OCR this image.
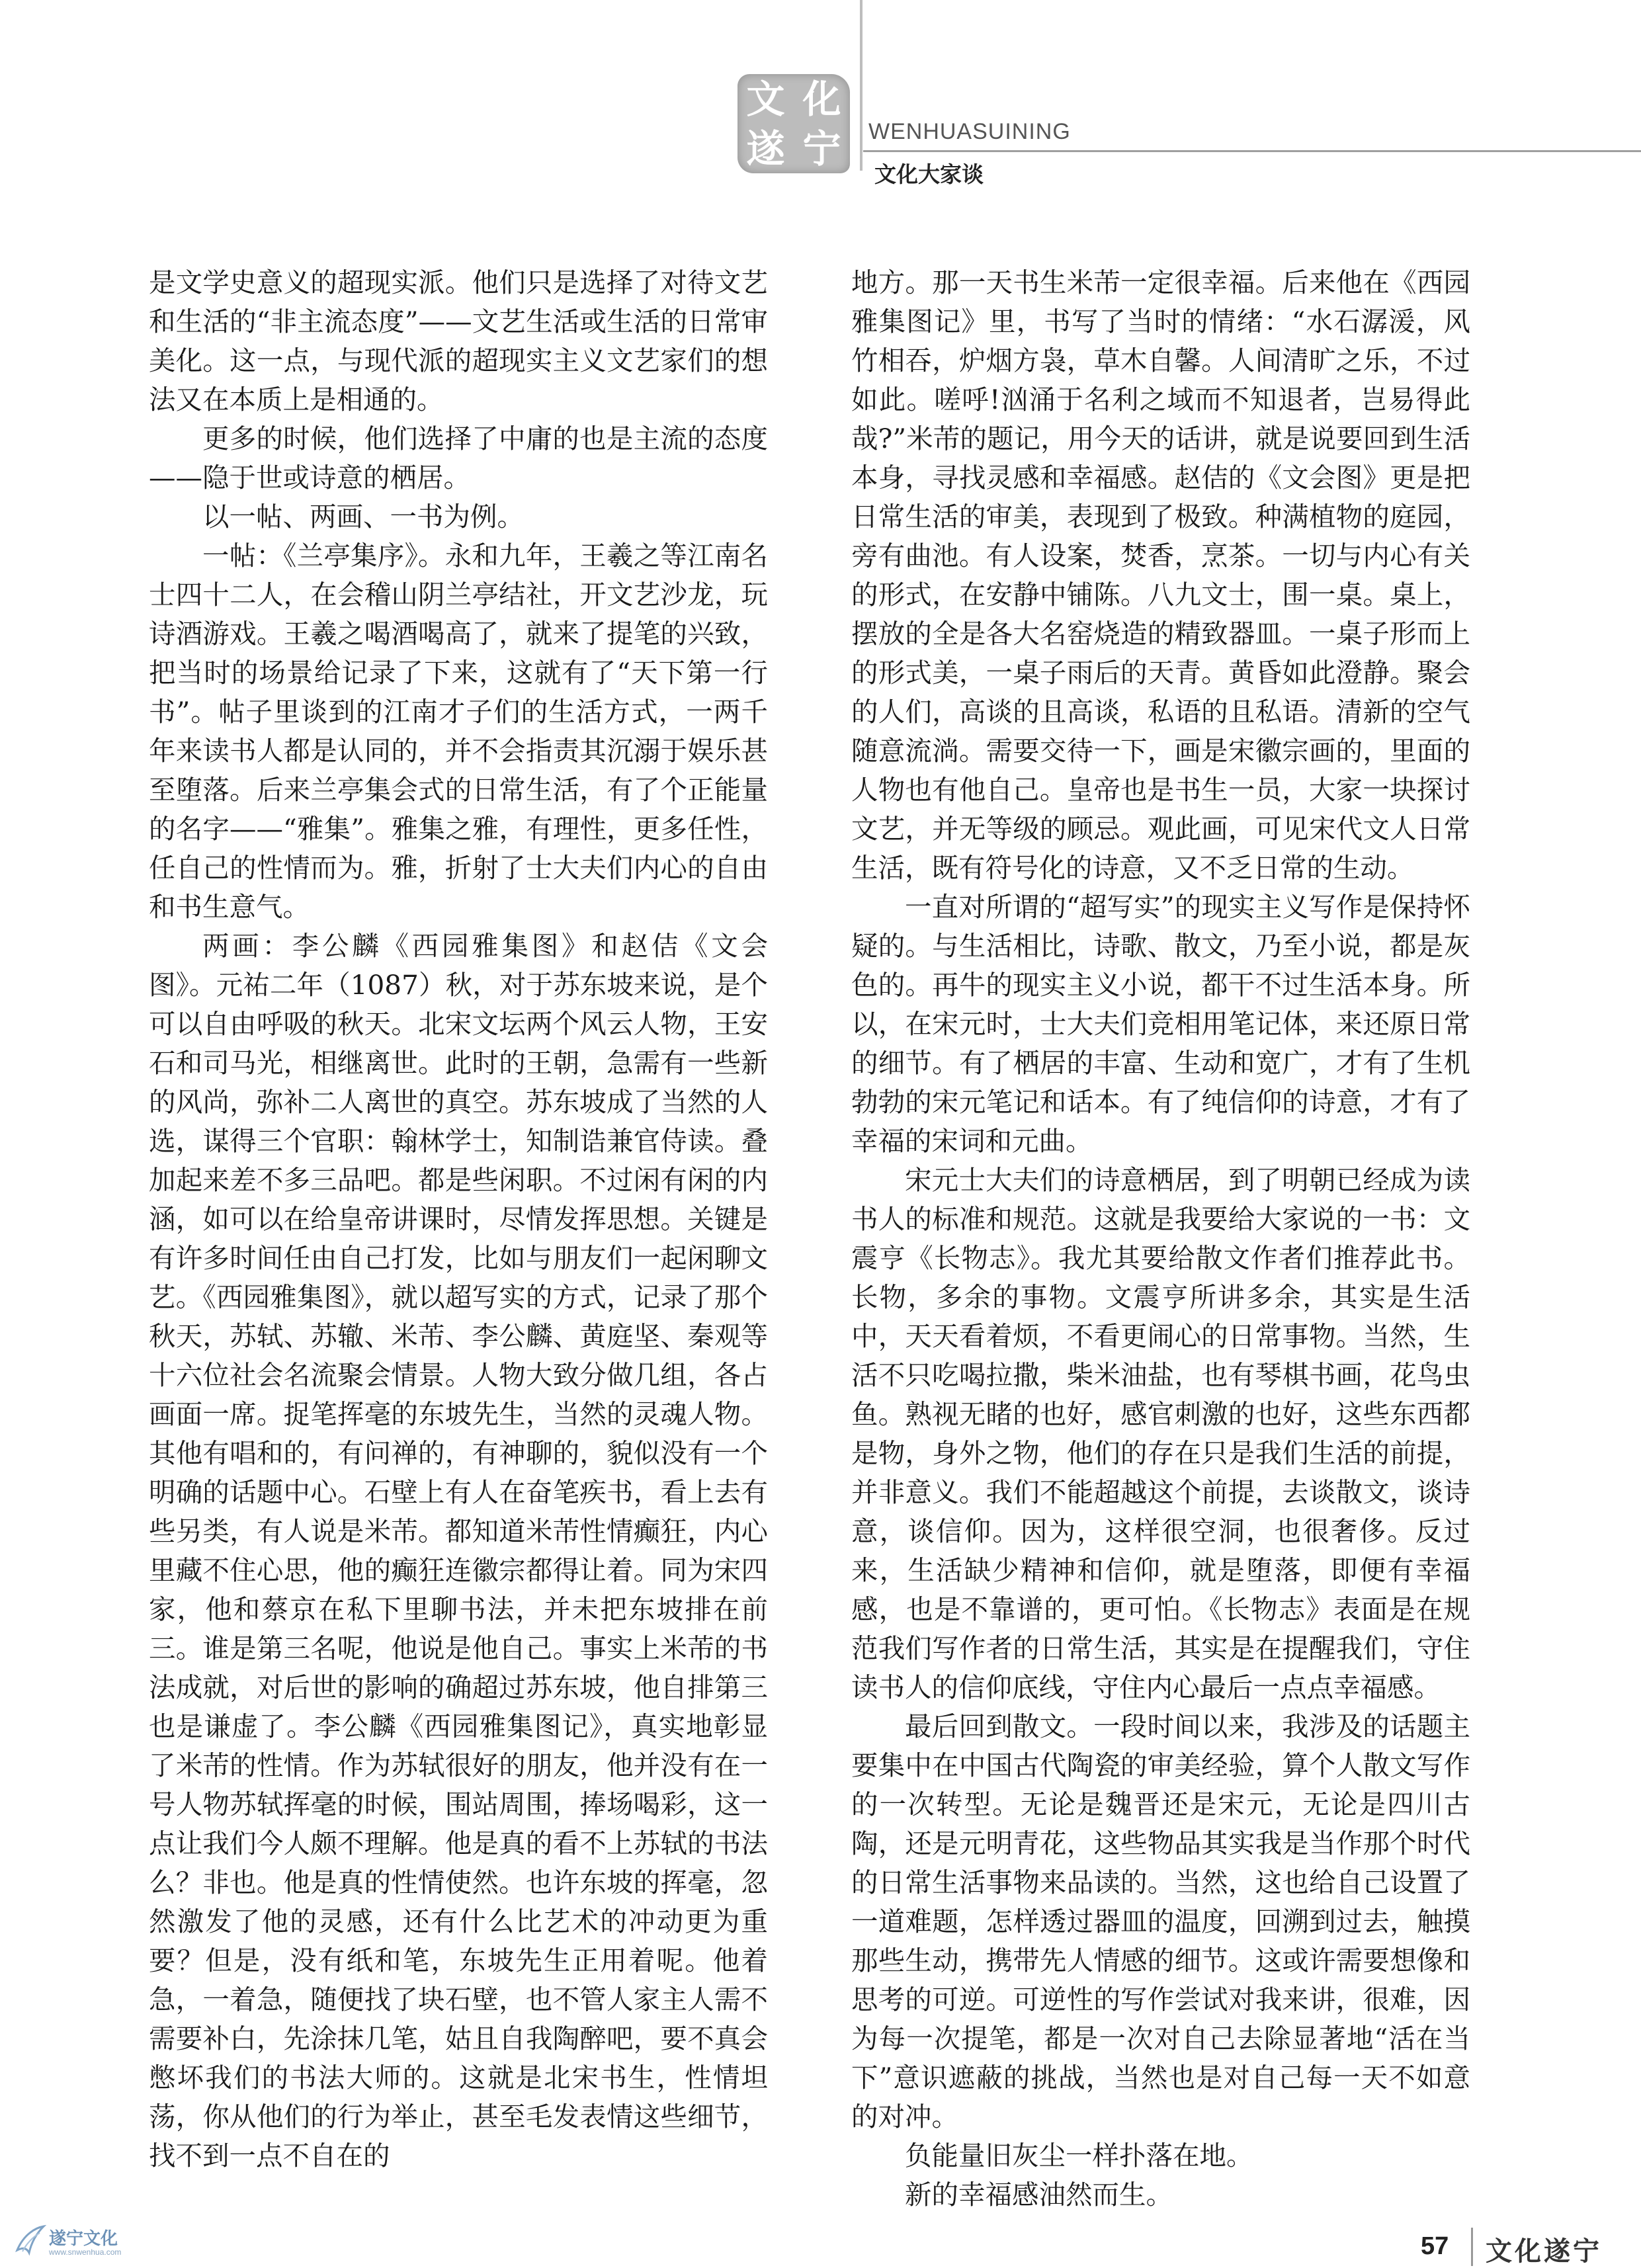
文 化
遂 宁 WENHUASUINING
文化大家谈

是文学史意义的超现实派。他们只是选择了对待文艺和生活的“非主流态度”——文艺生活或生活的日常审美化。这一点，与现代派的超现实主义文艺家们的想法又在本质上是相通的。

更多的时候，他们选择了中庸的也是主流的态度——隐于世或诗意的栖居。

以一帖、两画、一书为例。

一帖：《兰亭集序》。永和九年，王羲之等江南名士四十二人，在会稽山阴兰亭结社，开文艺沙龙，玩诗酒游戏。王羲之喝酒喝高了，就来了提笔的兴致，把当时的场景给记录了下来，这就有了“天下第一行书”。帖子里谈到的江南才子们的生活方式，一两千年来读书人都是认同的，并不会指责其沉溺于娱乐甚至堕落。后来兰亭集会式的日常生活，有了个正能量的名字——“雅集”。雅集之雅，有理性，更多任性，任自己的性情而为。雅，折射了士大夫们内心的自由和书生意气。

两画：李公麟《西园雅集图》和赵佶《文会图》。元祐二年（1087）秋，对于苏东坡来说，是个可以自由呼吸的秋天。北宋文坛两个风云人物，王安石和司马光，相继离世。此时的王朝，急需有一些新的风尚，弥补二人离世的真空。苏东坡成了当然的人选，谋得三个官职：翰林学士，知制诰兼官侍读。叠加起来差不多三品吧。都是些闲职。不过闲有闲的内涵，如可以在给皇帝讲课时，尽情发挥思想。关键是有许多时间任由自己打发，比如与朋友们一起闲聊文艺。《西园雅集图》，就以超写实的方式，记录了那个秋天，苏轼、苏辙、米芾、李公麟、黄庭坚、秦观等十六位社会名流聚会情景。人物大致分做几组，各占画面一席。捉笔挥毫的东坡先生，当然的灵魂人物。其他有唱和的，有问禅的，有神聊的，貌似没有一个明确的话题中心。石壁上有人在奋笔疾书，看上去有些另类，有人说是米芾。都知道米芾性情癫狂，内心里藏不住心思，他的癫狂连徽宗都得让着。同为宋四家，他和蔡京在私下里聊书法，并未把东坡排在前三。谁是第三名呢，他说是他自己。事实上米芾的书法成就，对后世的影响的确超过苏东坡，他自排第三也是谦虚了。李公麟《西园雅集图记》，真实地彰显了米芾的性情。作为苏轼很好的朋友，他并没有在一号人物苏轼挥毫的时候，围站周围，捧场喝彩，这一点让我们今人颇不理解。他是真的看不上苏轼的书法么？非也。他是真的性情使然。也许东坡的挥毫，忽然激发了他的灵感，还有什么比艺术的冲动更为重要？但是，没有纸和笔，东坡先生正用着呢。他着急，一着急，随便找了块石壁，也不管人家主人需不需要补白，先涂抹几笔，姑且自我陶醉吧，要不真会憋坏我们的书法大师的。这就是北宋书生，性情坦荡，你从他们的行为举止，甚至毛发表情这些细节，找不到一点不自在的

地方。那一天书生米芾一定很幸福。后来他在《西园雅集图记》里，书写了当时的情绪：“水石潺湲，风竹相吞，炉烟方袅，草木自馨。人间清旷之乐，不过如此。嗟呼!汹涌于名利之域而不知退者，岂易得此哉?”米芾的题记，用今天的话讲，就是说要回到生活本身，寻找灵感和幸福感。赵佶的《文会图》更是把日常生活的审美，表现到了极致。种满植物的庭园，旁有曲池。有人设案，焚香，烹茶。一切与内心有关的形式，在安静中铺陈。八九文士，围一桌。桌上，摆放的全是各大名窑烧造的精致器皿。一桌子形而上的形式美，一桌子雨后的天青。黄昏如此澄静。聚会的人们，高谈的且高谈，私语的且私语。清新的空气随意流淌。需要交待一下，画是宋徽宗画的，里面的人物也有他自己。皇帝也是书生一员，大家一块探讨文艺，并无等级的顾忌。观此画，可见宋代文人日常生活，既有符号化的诗意，又不乏日常的生动。

一直对所谓的“超写实”的现实主义写作是保持怀疑的。与生活相比，诗歌、散文，乃至小说，都是灰色的。再牛的现实主义小说，都干不过生活本身。所以，在宋元时，士大夫们竞相用笔记体，来还原日常的细节。有了栖居的丰富、生动和宽广，才有了生机勃勃的宋元笔记和话本。有了纯信仰的诗意，才有了幸福的宋词和元曲。

宋元士大夫们的诗意栖居，到了明朝已经成为读书人的标准和规范。这就是我要给大家说的一书：文震亨《长物志》。我尤其要给散文作者们推荐此书。长物，多余的事物。文震亨所讲多余，其实是生活中，天天看着烦，不看更闹心的日常事物。当然，生活不只吃喝拉撒，柴米油盐，也有琴棋书画，花鸟虫鱼。熟视无睹的也好，感官刺激的也好，这些东西都是物，身外之物，他们的存在只是我们生活的前提，并非意义。我们不能超越这个前提，去谈散文，谈诗意，谈信仰。因为，这样很空洞，也很奢侈。反过来，生活缺少精神和信仰，就是堕落，即便有幸福感，也是不靠谱的，更可怕。《长物志》表面是在规范我们写作者的日常生活，其实是在提醒我们，守住读书人的信仰底线，守住内心最后一点点幸福感。

最后回到散文。一段时间以来，我涉及的话题主要集中在中国古代陶瓷的审美经验，算个人散文写作的一次转型。无论是魏晋还是宋元，无论是四川古陶，还是元明青花，这些物品其实我是当作那个时代的日常生活事物来品读的。当然，这也给自己设置了一道难题，怎样透过器皿的温度，回溯到过去，触摸那些生动，携带先人情感的细节。这或许需要想像和思考的可逆。可逆性的写作尝试对我来讲，很难，因为每一次提笔，都是一次对自己去除显著地“活在当下”意识遮蔽的挑战，当然也是对自己每一天不如意的对冲。

负能量旧灰尘一样扑落在地。

新的幸福感油然而生。

57 文化遂宁
遂宁文化
www.snwenhua.com
